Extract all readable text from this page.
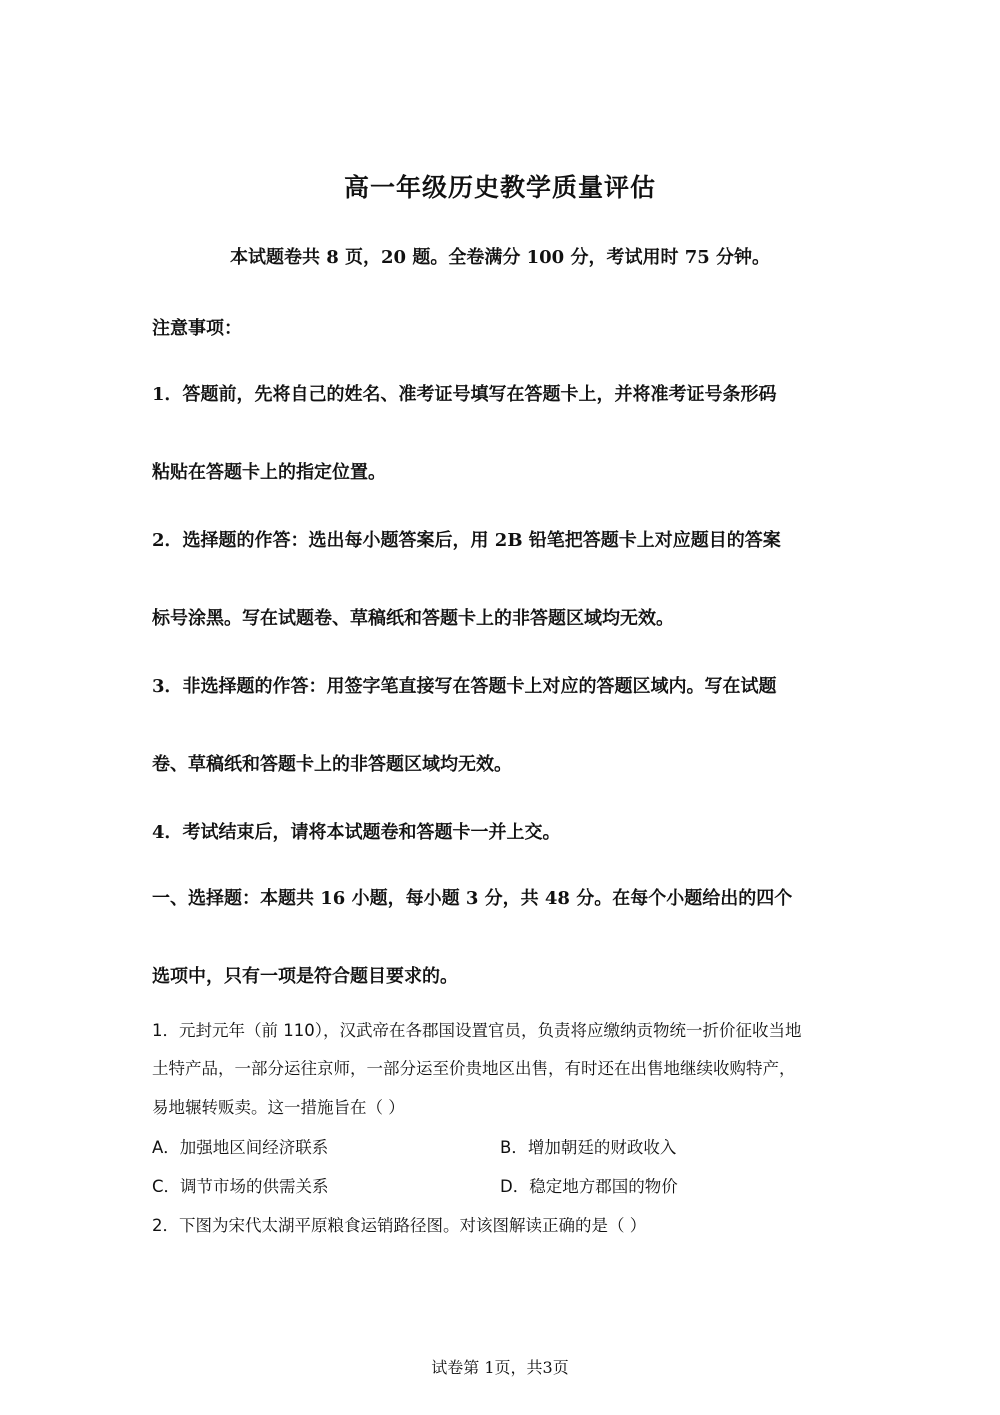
高一年级历史教学质量评估

本试题卷共 8 页，20 题。全卷满分 100 分，考试用时 75 分钟。

注意事项：

1．答题前，先将自己的姓名、准考证号填写在答题卡上，并将准考证号条形码

粘贴在答题卡上的指定位置。

2．选择题的作答：选出每小题答案后，用 2B 铅笔把答题卡上对应题目的答案

标号涂黑。写在试题卷、草稿纸和答题卡上的非答题区域均无效。

3．非选择题的作答：用签字笔直接写在答题卡上对应的答题区域内。写在试题

卷、草稿纸和答题卡上的非答题区域均无效。

4．考试结束后，请将本试题卷和答题卡一并上交。

一、选择题：本题共 16 小题，每小题 3 分，共 48 分。在每个小题给出的四个

选项中，只有一项是符合题目要求的。

1．元封元年（前 110），汉武帝在各郡国设置官员，负责将应缴纳贡物统一折价征收当地

土特产品，一部分运往京师，一部分运至价贵地区出售，有时还在出售地继续收购特产，

易地辗转贩卖。这一措施旨在（ ）

A．加强地区间经济联系	B．增加朝廷的财政收入

C．调节市场的供需关系	D．稳定地方郡国的物价

2．下图为宋代太湖平原粮食运销路径图。对该图解读正确的是（ ）

试卷第 1页，共3页
